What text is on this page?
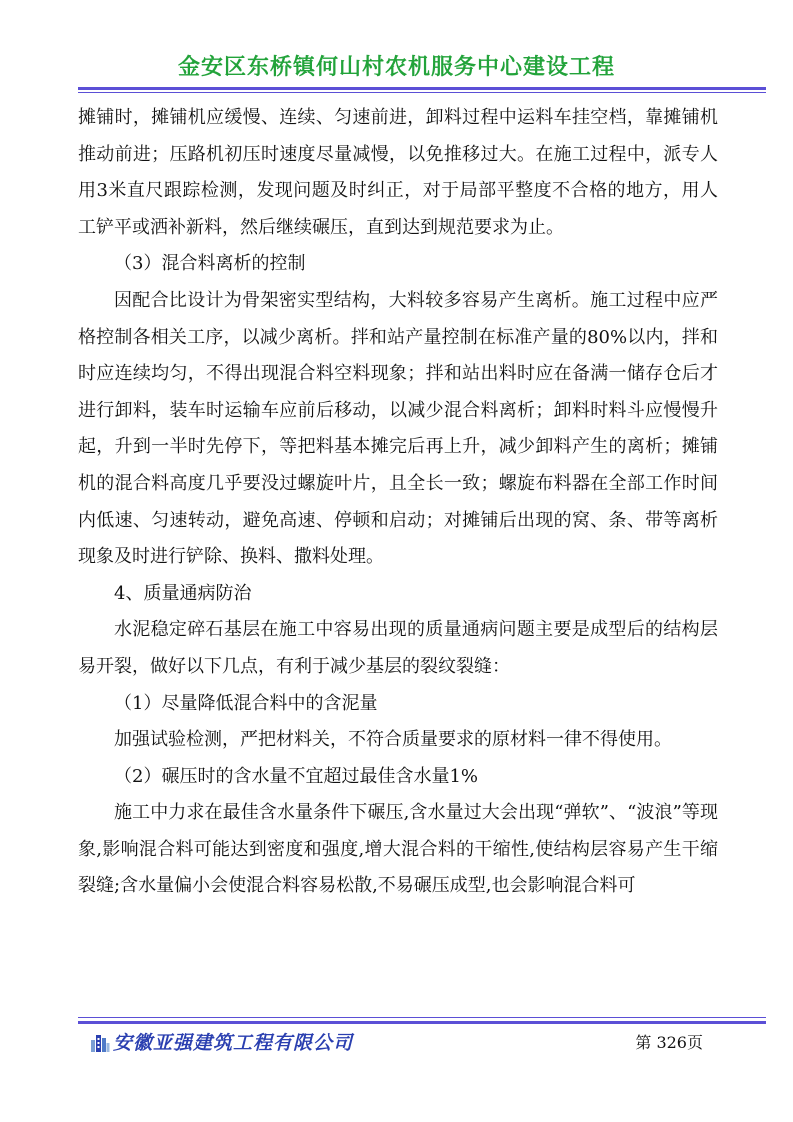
金安区东桥镇何山村农机服务中心建设工程

摊铺时，摊铺机应缓慢、连续、匀速前进，卸料过程中运料车挂空档，靠摊铺机推动前进；压路机初压时速度尽量减慢，以免推移过大。在施工过程中，派专人用3米直尺跟踪检测，发现问题及时纠正，对于局部平整度不合格的地方，用人工铲平或洒补新料，然后继续碾压，直到达到规范要求为止。

（3）混合料离析的控制

因配合比设计为骨架密实型结构，大料较多容易产生离析。施工过程中应严格控制各相关工序，以减少离析。拌和站产量控制在标准产量的80%以内，拌和时应连续均匀，不得出现混合料空料现象；拌和站出料时应在备满一储存仓后才进行卸料，装车时运输车应前后移动，以减少混合料离析；卸料时料斗应慢慢升起，升到一半时先停下，等把料基本摊完后再上升，减少卸料产生的离析；摊铺机的混合料高度几乎要没过螺旋叶片，且全长一致；螺旋布料器在全部工作时间内低速、匀速转动，避免高速、停顿和启动；对摊铺后出现的窝、条、带等离析现象及时进行铲除、换料、撒料处理。

4、质量通病防治

水泥稳定碎石基层在施工中容易出现的质量通病问题主要是成型后的结构层易开裂，做好以下几点，有利于减少基层的裂纹裂缝：

（1）尽量降低混合料中的含泥量

加强试验检测，严把材料关，不符合质量要求的原材料一律不得使用。

（2）碾压时的含水量不宜超过最佳含水量1%

施工中力求在最佳含水量条件下碾压,含水量过大会出现“弹软”、“波浪”等现象,影响混合料可能达到密度和强度,增大混合料的干缩性,使结构层容易产生干缩裂缝;含水量偏小会使混合料容易松散,不易碾压成型,也会影响混合料可

安徽亚强建筑工程有限公司	第 326页
